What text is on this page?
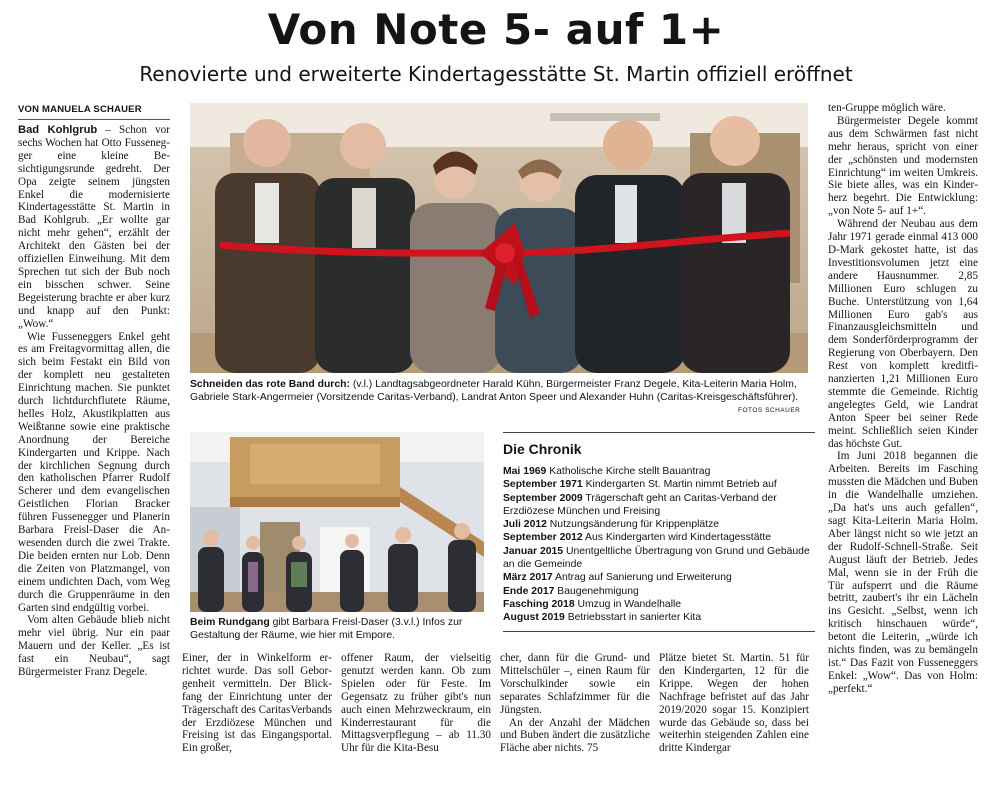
Von Note 5- auf 1+
Renovierte und erweiterte Kindertagesstätte St. Martin offiziell eröffnet
VON MANUELA SCHAUER

Bad Kohlgrub – Schon vor sechs Wochen hat Otto Fussenegger eine kleine Besichtigungsrunde gedreht. Der Opa zeigte seinem jüngsten Enkel die modernisierte Kindertagesstätte St. Martin in Bad Kohlgrub. „Er wollte gar nicht mehr gehen“, erzählt der Architekt den Gästen bei der offiziellen Einweihung. Mit dem Sprechen tut sich der Bub noch ein bisschen schwer. Seine Begeisterung brachte er aber kurz und knapp auf den Punkt: „Wow.“

Wie Fusseneggers Enkel geht es am Freitagvormittag allen, die sich beim Festakt ein Bild von der komplett neu gestalteten Einrichtung machen. Sie punktet durch lichtdurchflutete Räume, helles Holz, Akustikplatten aus Weißtanne sowie eine praktische Anordnung der Bereiche Kindergarten und Krippe. Nach der kirchlichen Segnung durch den katholischen Pfarrer Rudolf Scherer und dem evangelischen Geistlichen Florian Bracker führen Fussenegger und Planerin Barbara Freisl-Daser die Anwesenden durch die zwei Trakte. Die beiden ernten nur Lob. Denn die Zeiten von Platzmangel, von einem undichten Dach, vom Weg durch die Gruppenräume in den Garten sind endgültig vorbei.

Vom alten Gebäude blieb nicht mehr viel übrig. Nur ein paar Mauern und der Keller. „Es ist fast ein Neubau“, sagt Bürgermeister Franz Degele.

Schneiden das rote Band durch: (v.l.) Landtagsabgeordneter Harald Kühn, Bürgermeister Franz Degele, Kita-Leiterin Maria Holm, Gabriele Stark-Angermeier (Vorsitzende Caritas-Verband), Landrat Anton Speer und Alexander Huhn (Caritas-Kreisgeschäftsführer).
FOTOS SCHAUER
Beim Rundgang gibt Barbara Freisl-Daser (3.v.l.) Infos zur Gestaltung der Räume, wie hier mit Empore.
Die Chronik
Mai 1969 Katholische Kirche stellt Bauantrag
September 1971 Kindergarten St. Martin nimmt Betrieb auf
September 2009 Trägerschaft geht an Caritas-Verband der Erzdiözese München und Freising
Juli 2012 Nutzungsänderung für Krippenplätze
September 2012 Aus Kindergarten wird Kindertagesstätte
Januar 2015 Unentgeltliche Übertragung von Grund und Gebäude an die Gemeinde
März 2017 Antrag auf Sanierung und Erweiterung
Ende 2017 Baugenehmigung
Fasching 2018 Umzug in Wandelhalle
August 2019 Betriebsstart in sanierter Kita

Einer, der in Winkelform errichtet wurde. Das soll Geborgenheit vermitteln. Der Blickfang der Einrichtung unter der Trägerschaft des CaritasVerbands der Erzdiözese München und Freising ist das Eingangsportal. Ein großer,

offener Raum, der vielseitig genutzt werden kann. Ob zum Spielen oder für Feste. Im Gegensatz zu früher gibt's nun auch einen Mehrzweckraum, ein Kinderrestaurant für die Mittagsverpflegung – ab 11.30 Uhr für die Kita-Besu

cher, dann für die Grund- und Mittelschüler –, einen Raum für Vorschulkinder sowie ein separates Schlafzimmer für die Jüngsten.

An der Anzahl der Mädchen und Buben ändert die zusätzliche Fläche aber nichts. 75

Plätze bietet St. Martin. 51 für den Kindergarten, 12 für die Krippe. Wegen der hohen Nachfrage befristet auf das Jahr 2019/2020 sogar 15. Konzipiert wurde das Gebäude so, dass bei weiterhin steigenden Zahlen eine dritte Kindergar

ten-Gruppe möglich wäre.

Bürgermeister Degele kommt aus dem Schwärmen fast nicht mehr heraus, spricht von einer der „schönsten und modernsten Einrichtung“ im weiten Umkreis. Sie biete alles, was ein Kinderherz begehrt. Die Entwicklung: „von Note 5- auf 1+“.

Während der Neubau aus dem Jahr 1971 gerade einmal 413 000 D-Mark gekostet hatte, ist das Investitionsvolumen jetzt eine andere Hausnummer. 2,85 Millionen Euro schlugen zu Buche. Unterstützung von 1,64 Millionen Euro gab's aus Finanzausgleichsmitteln und dem Sonderförderprogramm der Regierung von Oberbayern. Den Rest von komplett kreditfinanzierten 1,21 Millionen Euro stemmte die Gemeinde. Richtig angelegtes Geld, wie Landrat Anton Speer bei seiner Rede meint. Schließlich seien Kinder das höchste Gut.

Im Juni 2018 begannen die Arbeiten. Bereits im Fasching mussten die Mädchen und Buben in die Wandelhalle umziehen. „Da hat's uns auch gefallen“, sagt Kita-Leiterin Maria Holm. Aber längst nicht so wie jetzt an der Rudolf-Schnell-Straße. Seit August läuft der Betrieb. Jedes Mal, wenn sie in der Früh die Tür aufsperrt und die Räume betritt, zaubert's ihr ein Lächeln ins Gesicht. „Selbst, wenn ich kritisch hinschauen würde“, betont die Leiterin, „würde ich nichts finden, was zu bemängeln ist.“ Das Fazit von Fusseneggers Enkel: „Wow“. Das von Holm: „perfekt.“
